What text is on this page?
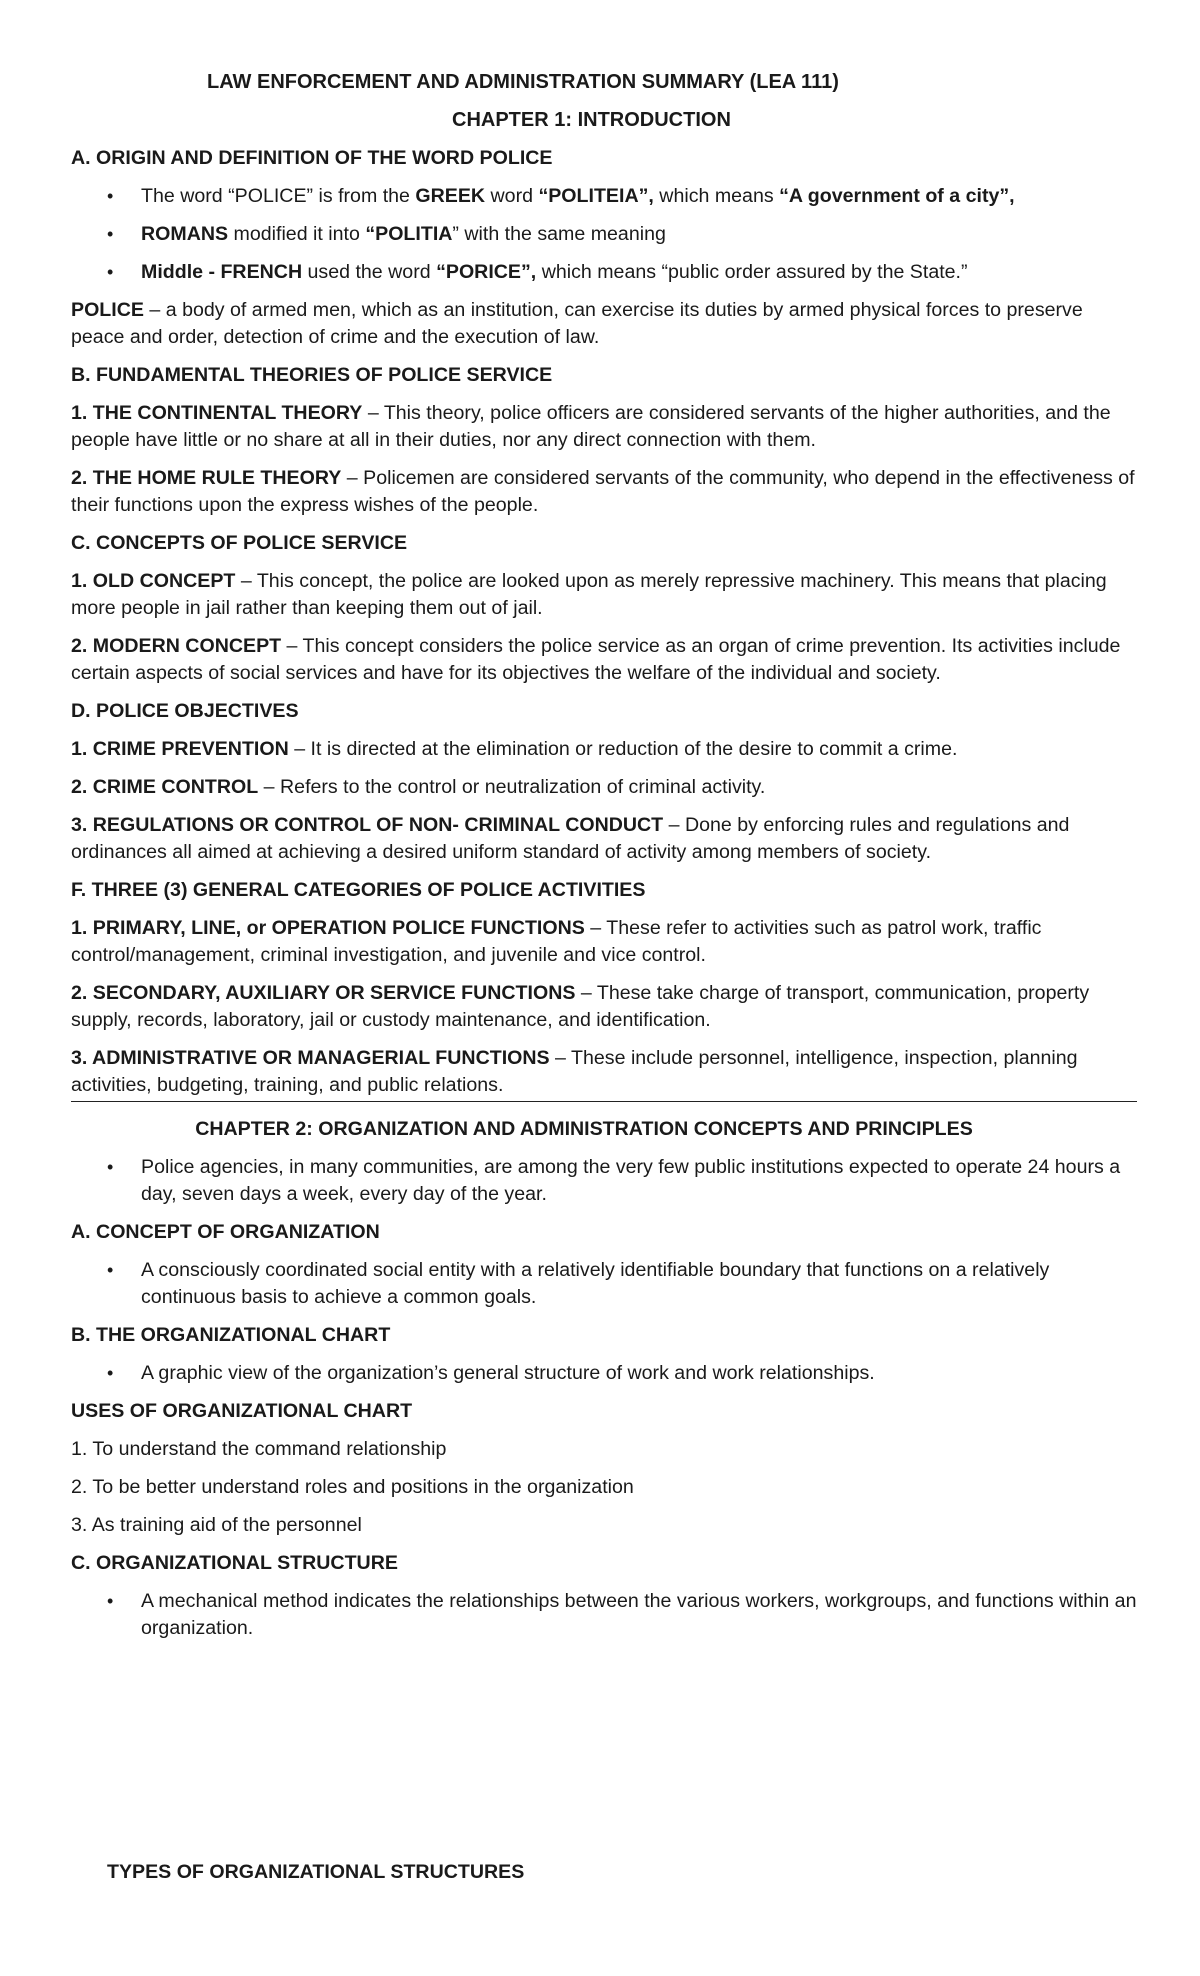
LAW ENFORCEMENT AND ADMINISTRATION SUMMARY (LEA 111)
CHAPTER 1: INTRODUCTION
A. ORIGIN AND DEFINITION OF THE WORD POLICE
• The word “POLICE” is from the GREEK word “POLITEIA”, which means “A government of a city”,
• ROMANS modified it into “POLITIA” with the same meaning
• Middle - FRENCH used the word “PORICE”, which means “public order assured by the State.”
POLICE – a body of armed men, which as an institution, can exercise its duties by armed physical forces to preserve peace and order, detection of crime and the execution of law.
B. FUNDAMENTAL THEORIES OF POLICE SERVICE
1. THE CONTINENTAL THEORY – This theory, police officers are considered servants of the higher authorities, and the people have little or no share at all in their duties, nor any direct connection with them.
2. THE HOME RULE THEORY – Policemen are considered servants of the community, who depend in the effectiveness of their functions upon the express wishes of the people.
C. CONCEPTS OF POLICE SERVICE
1. OLD CONCEPT – This concept, the police are looked upon as merely repressive machinery. This means that placing more people in jail rather than keeping them out of jail.
2. MODERN CONCEPT – This concept considers the police service as an organ of crime prevention. Its activities include certain aspects of social services and have for its objectives the welfare of the individual and society.
D. POLICE OBJECTIVES
1. CRIME PREVENTION – It is directed at the elimination or reduction of the desire to commit a crime.
2. CRIME CONTROL – Refers to the control or neutralization of criminal activity.
3. REGULATIONS OR CONTROL OF NON- CRIMINAL CONDUCT – Done by enforcing rules and regulations and ordinances all aimed at achieving a desired uniform standard of activity among members of society.
F. THREE (3) GENERAL CATEGORIES OF POLICE ACTIVITIES
1. PRIMARY, LINE, or OPERATION POLICE FUNCTIONS – These refer to activities such as patrol work, traffic control/management, criminal investigation, and juvenile and vice control.
2. SECONDARY, AUXILIARY OR SERVICE FUNCTIONS – These take charge of transport, communication, property supply, records, laboratory, jail or custody maintenance, and identification.
3. ADMINISTRATIVE OR MANAGERIAL FUNCTIONS – These include personnel, intelligence, inspection, planning activities, budgeting, training, and public relations.
CHAPTER 2: ORGANIZATION AND ADMINISTRATION CONCEPTS AND PRINCIPLES
• Police agencies, in many communities, are among the very few public institutions expected to operate 24 hours a day, seven days a week, every day of the year.
A. CONCEPT OF ORGANIZATION
• A consciously coordinated social entity with a relatively identifiable boundary that functions on a relatively continuous basis to achieve a common goals.
B. THE ORGANIZATIONAL CHART
• A graphic view of the organization’s general structure of work and work relationships.
USES OF ORGANIZATIONAL CHART
1. To understand the command relationship
2. To be better understand roles and positions in the organization
3. As training aid of the personnel
C. ORGANIZATIONAL STRUCTURE
• A mechanical method indicates the relationships between the various workers, workgroups, and functions within an organization.
TYPES OF ORGANIZATIONAL STRUCTURES
